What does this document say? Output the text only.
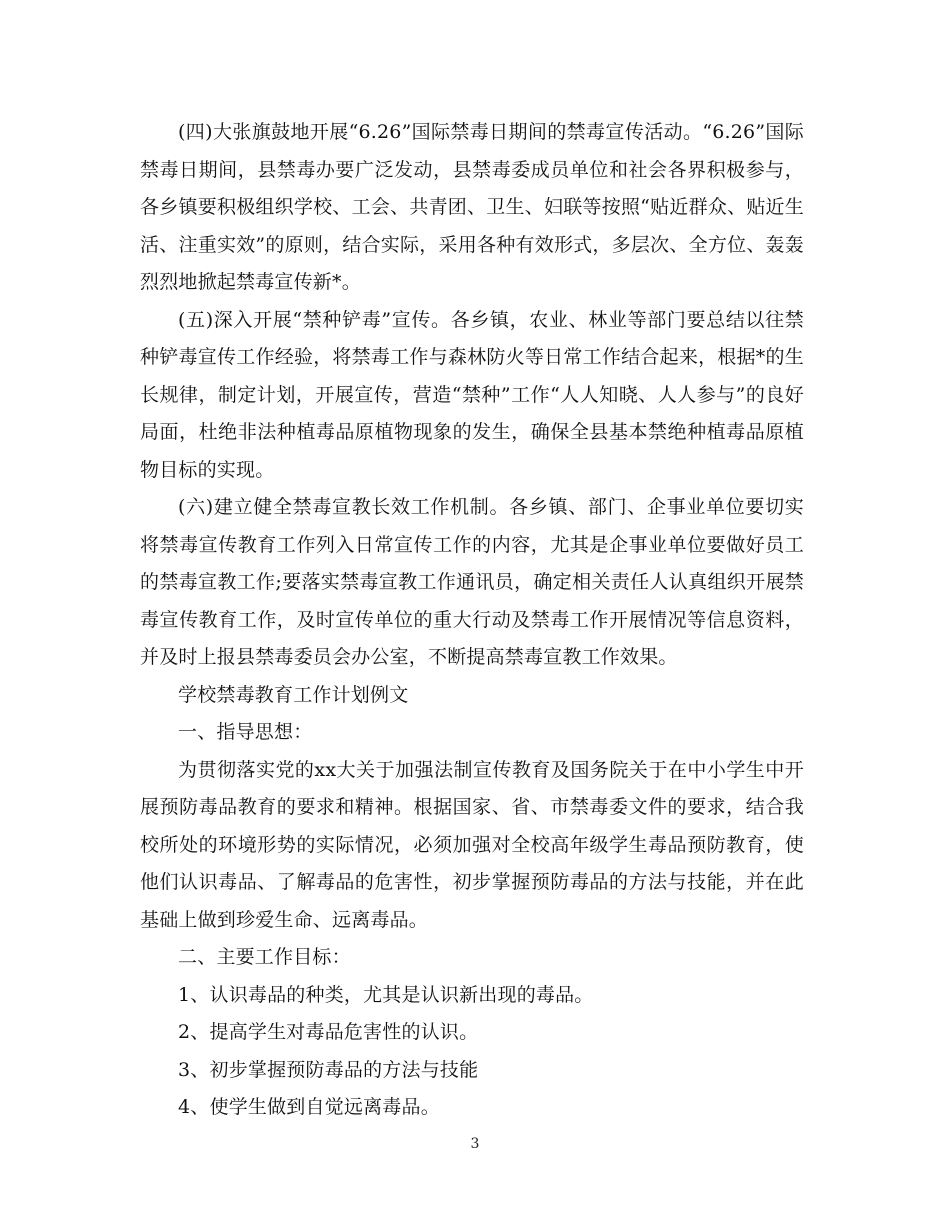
(四)大张旗鼓地开展“6.26”国际禁毒日期间的禁毒宣传活动。“6.26”国际禁毒日期间，县禁毒办要广泛发动，县禁毒委成员单位和社会各界积极参与，各乡镇要积极组织学校、工会、共青团、卫生、妇联等按照“贴近群众、贴近生活、注重实效”的原则，结合实际，采用各种有效形式，多层次、全方位、轰轰烈烈地掀起禁毒宣传新*。

(五)深入开展“禁种铲毒”宣传。各乡镇，农业、林业等部门要总结以往禁种铲毒宣传工作经验，将禁毒工作与森林防火等日常工作结合起来，根据*的生长规律，制定计划，开展宣传，营造“禁种”工作“人人知晓、人人参与”的良好局面，杜绝非法种植毒品原植物现象的发生，确保全县基本禁绝种植毒品原植物目标的实现。

(六)建立健全禁毒宣教长效工作机制。各乡镇、部门、企事业单位要切实将禁毒宣传教育工作列入日常宣传工作的内容，尤其是企事业单位要做好员工的禁毒宣教工作;要落实禁毒宣教工作通讯员，确定相关责任人认真组织开展禁毒宣传教育工作，及时宣传单位的重大行动及禁毒工作开展情况等信息资料，并及时上报县禁毒委员会办公室，不断提高禁毒宣教工作效果。

学校禁毒教育工作计划例文

一、指导思想：

为贯彻落实党的xx大关于加强法制宣传教育及国务院关于在中小学生中开展预防毒品教育的要求和精神。根据国家、省、市禁毒委文件的要求，结合我校所处的环境形势的实际情况，必须加强对全校高年级学生毒品预防教育，使他们认识毒品、了解毒品的危害性，初步掌握预防毒品的方法与技能，并在此基础上做到珍爱生命、远离毒品。

二、主要工作目标：

1、认识毒品的种类，尤其是认识新出现的毒品。

2、提高学生对毒品危害性的认识。

3、初步掌握预防毒品的方法与技能

4、使学生做到自觉远离毒品。

3
